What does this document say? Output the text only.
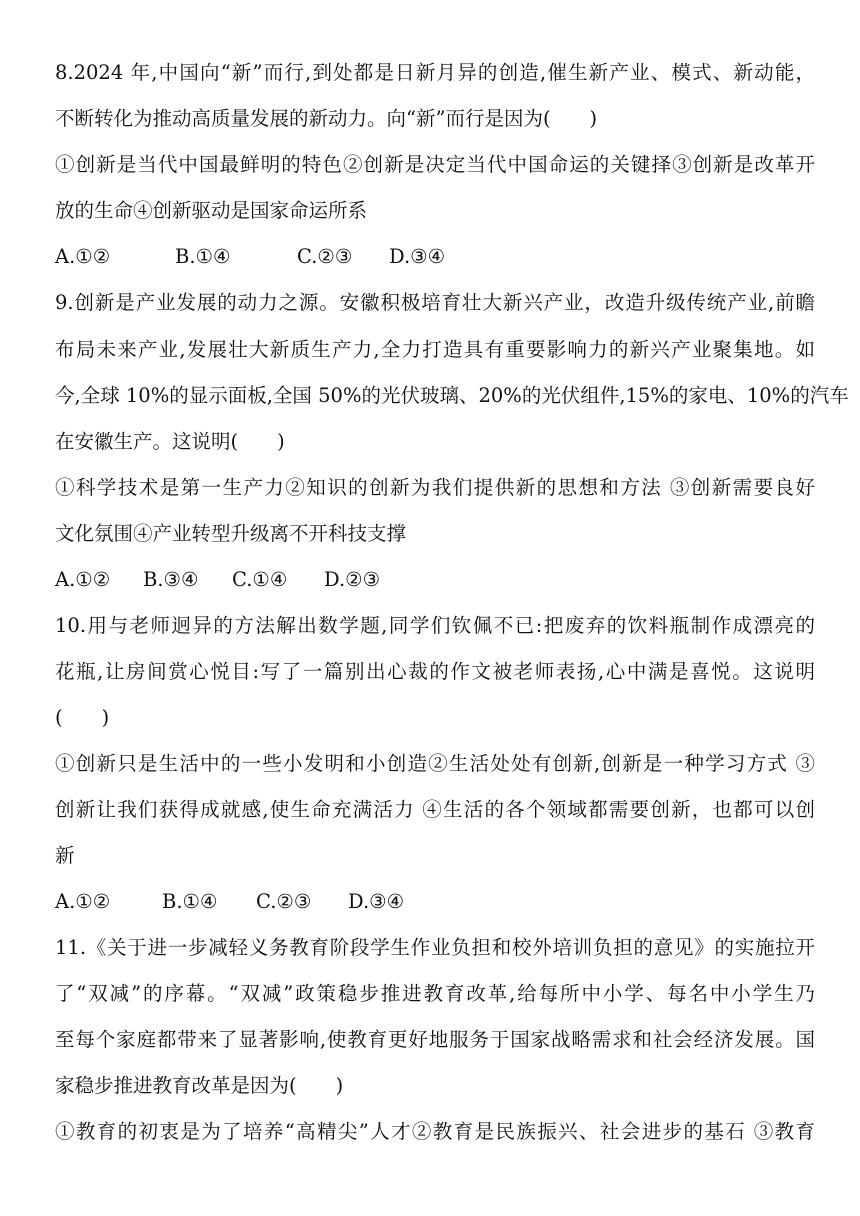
8.2024 年,中国向“新”而行,到处都是日新月异的创造,催生新产业、模式、新动能，
不断转化为推动高质量发展的新动力。向“新”而行是因为(　　)
①创新是当代中国最鲜明的特色②创新是决定当代中国命运的关键择③创新是改革开
放的生命④创新驱动是国家命运所系
A.①②	B.①④	C.②③ D.③④
9.创新是产业发展的动力之源。安徽积极培育壮大新兴产业，改造升级传统产业,前瞻
布局未来产业,发展壮大新质生产力,全力打造具有重要影响力的新兴产业聚集地。如
今,全球 10%的显示面板,全国 50%的光伏玻璃、20%的光伏组件,15%的家电、10%的汽车
在安徽生产。这说明(　　)
①科学技术是第一生产力②知识的创新为我们提供新的思想和方法 ③创新需要良好
文化氛围④产业转型升级离不开科技支撑
A.①② B.③④ C.①④ D.②③
10.用与老师迥异的方法解出数学题,同学们钦佩不已:把废弃的饮料瓶制作成漂亮的
花瓶,让房间赏心悦目:写了一篇别出心裁的作文被老师表扬,心中满是喜悦。这说明
(　　)
①创新只是生活中的一些小发明和小创造②生活处处有创新,创新是一种学习方式 ③
创新让我们获得成就感,使生命充满活力 ④生活的各个领域都需要创新，也都可以创
新
A.①②	B.①④ C.②③ D.③④
11.《关于进一步减轻义务教育阶段学生作业负担和校外培训负担的意见》的实施拉开
了“双减”的序幕。“双减”政策稳步推进教育改革,给每所中小学、每名中小学生乃
至每个家庭都带来了显著影响,使教育更好地服务于国家战略需求和社会经济发展。国
家稳步推进教育改革是因为(　　)
①教育的初衷是为了培养“高精尖”人才②教育是民族振兴、社会进步的基石 ③教育
